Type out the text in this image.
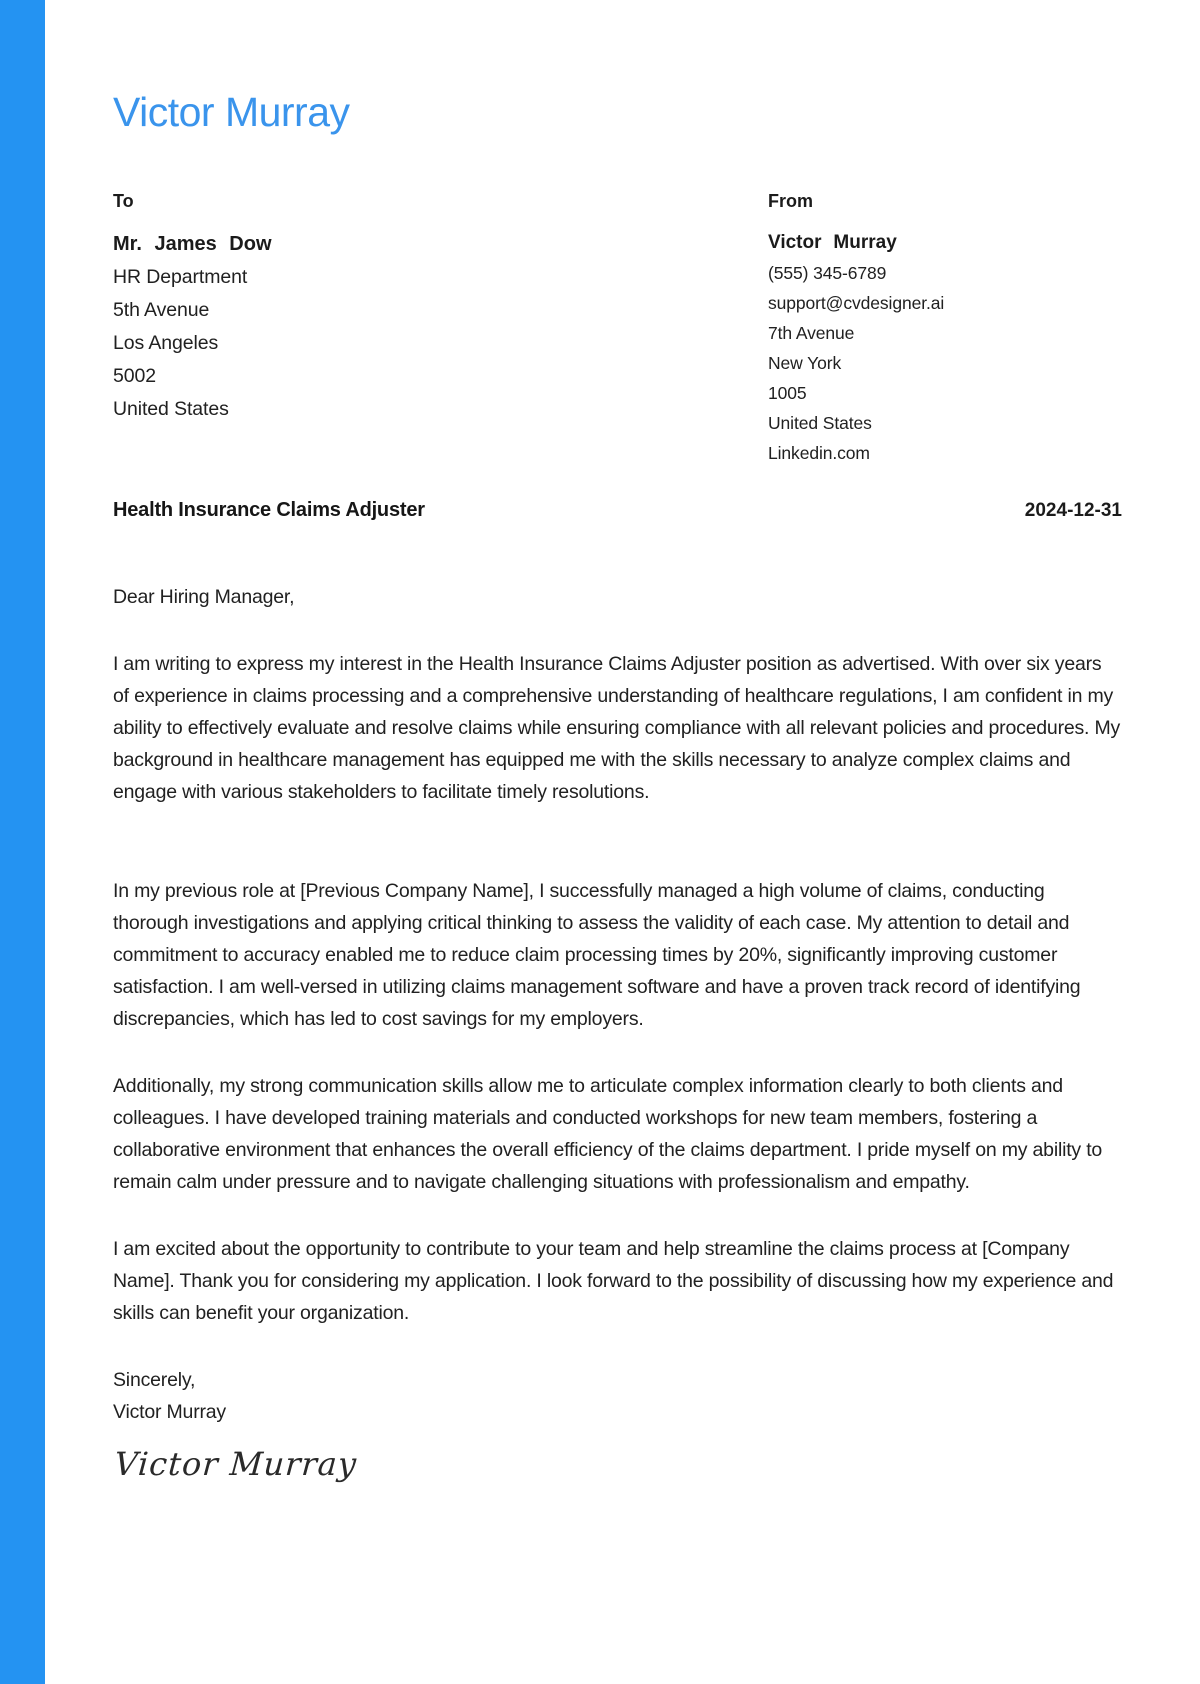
Victor Murray
To
Mr. James Dow
HR Department
5th Avenue
Los Angeles
5002
United States
From
Victor Murray
(555) 345-6789
support@cvdesigner.ai
7th Avenue
New York
1005
United States
Linkedin.com
Health Insurance Claims Adjuster	2024-12-31
Dear Hiring Manager,

I am writing to express my interest in the Health Insurance Claims Adjuster position as advertised. With over six years of experience in claims processing and a comprehensive understanding of healthcare regulations, I am confident in my ability to effectively evaluate and resolve claims while ensuring compliance with all relevant policies and procedures. My background in healthcare management has equipped me with the skills necessary to analyze complex claims and engage with various stakeholders to facilitate timely resolutions.

In my previous role at [Previous Company Name], I successfully managed a high volume of claims, conducting thorough investigations and applying critical thinking to assess the validity of each case. My attention to detail and commitment to accuracy enabled me to reduce claim processing times by 20%, significantly improving customer satisfaction. I am well-versed in utilizing claims management software and have a proven track record of identifying discrepancies, which has led to cost savings for my employers.

Additionally, my strong communication skills allow me to articulate complex information clearly to both clients and colleagues. I have developed training materials and conducted workshops for new team members, fostering a collaborative environment that enhances the overall efficiency of the claims department. I pride myself on my ability to remain calm under pressure and to navigate challenging situations with professionalism and empathy.

I am excited about the opportunity to contribute to your team and help streamline the claims process at [Company Name]. Thank you for considering my application. I look forward to the possibility of discussing how my experience and skills can benefit your organization.

Sincerely,
Victor Murray
Victor Murray
